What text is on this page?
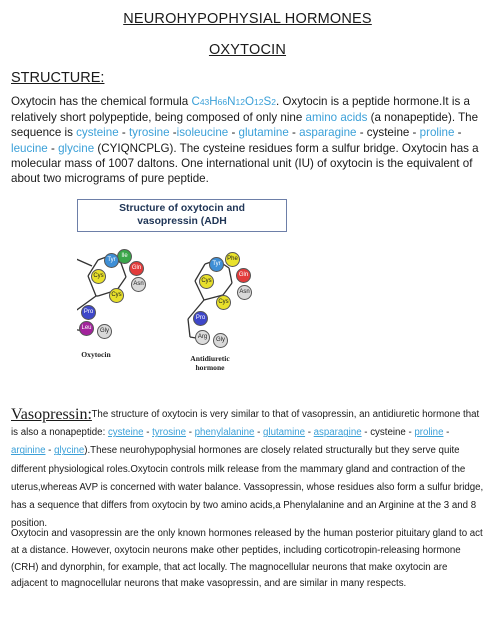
NEUROHYPOPHYSIAL HORMONES
OXYTOCIN
STRUCTURE:
Oxytocin has the chemical formula C43H66N12O12S2. Oxytocin is a peptide hormone.It is a relatively short polypeptide, being composed of only nine amino acids (a nonapeptide). The sequence is cysteine - tyrosine -isoleucine - glutamine - asparagine - cysteine - proline - leucine - glycine (CYIQNCPLG). The cysteine residues form a sulfur bridge. Oxytocin has a molecular mass of 1007 daltons. One international unit (IU) of oxytocin is the equivalent of about two micrograms of pure peptide.
Structure of oxytocin and
vasopressin (ADH
Ile
Tyr
Gln
Cys
Asn
Cys
Pro
Leu	Gly
Phe
Tyr
Gln
Cys
Asn
Cys
Pro
Arg	Gly
Oxytocin	Antidiuretic
hormone
The structure of oxytocin is very similar to that of vasopressin, an antidiuretic hormone that is also a nonapeptide: cysteine - tyrosine - phenylalanine - glutamine - asparagine - cysteine - proline - arginine - glycine).These neurohypophysial hormones are closely related structurally but they serve quite different physiological roles.Oxytocin controls milk release from the mammary gland and contraction of the uterus,whereas AVP is concerned with water balance. Vassopressin, whose residues also form a sulfur bridge, has a sequence that differs from oxytocin by two amino acids,a Phenylalanine and an Arginine at the 3 and 8 position.
Vasopressin:
Oxytocin and vasopressin are the only known hormones released by the human posterior pituitary gland to act at a distance. However, oxytocin neurons make other peptides, including corticotropin-releasing hormone (CRH) and dynorphin, for example, that act locally. The magnocellular neurons that make oxytocin are adjacent to magnocellular neurons that make vasopressin, and are similar in many respects.
